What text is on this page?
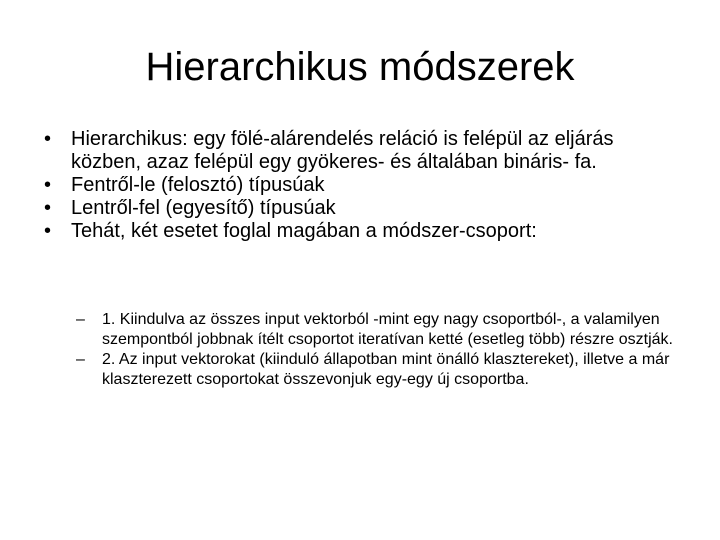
Hierarchikus módszerek
• Hierarchikus: egy fölé-alárendelés reláció is felépül az eljárás közben, azaz felépül egy gyökeres- és általában bináris- fa.
• Fentről-le (felosztó) típusúak
• Lentről-fel (egyesítő) típusúak
• Tehát, két esetet foglal magában a módszer-csoport:
– 1. Kiindulva az összes input vektorból -mint egy nagy csoportból-, a valamilyen szempontból jobbnak ítélt csoportot iteratívan ketté (esetleg több) részre osztják.
– 2. Az input vektorokat (kiinduló állapotban mint önálló klasztereket), illetve a már klaszterezett csoportokat összevonjuk egy-egy új csoportba.
